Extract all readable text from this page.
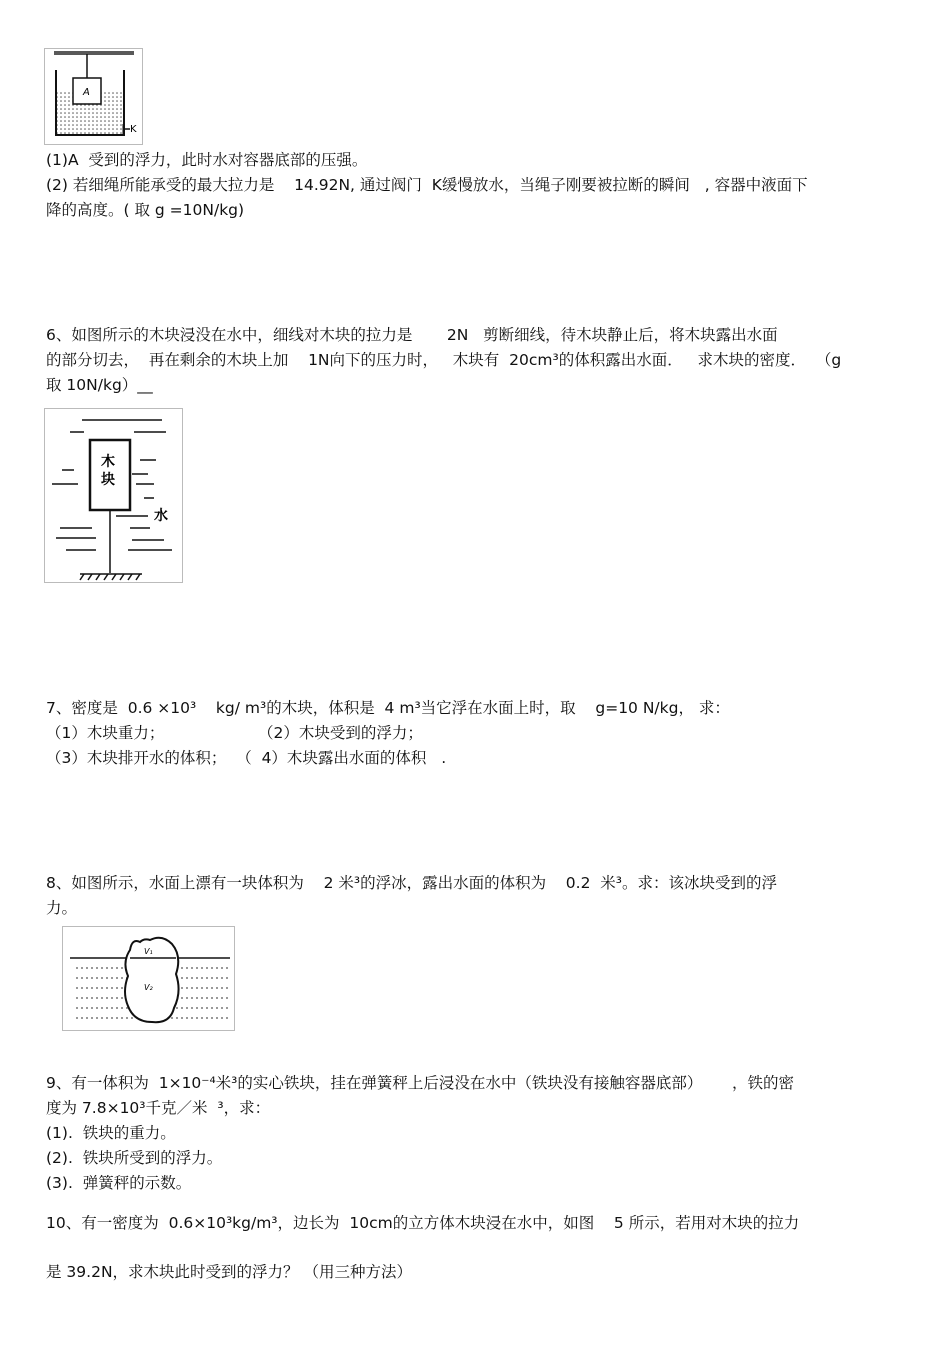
A
K
(1)A  受到的浮力，此时水对容器底部的压强。
(2) 若细绳所能承受的最大拉力是    14.92N, 通过阀门  K缓慢放水，当绳子刚要被拉断的瞬间   , 容器中液面下
降的高度。( 取 g =10N/kg)
6、如图所示的木块浸没在水中，细线对木块的拉力是       2N   剪断细线，待木块静止后，将木块露出水面
的部分切去，  再在剩余的木块上加    1N向下的压力时，   木块有  20cm³的体积露出水面．   求木块的密度．  （g
取 10N/kg）__
木
块
水
7、密度是  0.6 ×10³    kg/ m³的木块，体积是  4 m³当它浮在水面上时，取    g=10 N/kg， 求：
（1）木块重力；                   （2）木块受到的浮力；
（3）木块排开水的体积；  （  4）木块露出水面的体积   .
8、如图所示，水面上漂有一块体积为    2 米³的浮冰，露出水面的体积为    0.2  米³。求：该冰块受到的浮
力。
V₁
V₂
9、有一体积为  1×10⁻⁴米³的实心铁块，挂在弹簧秤上后浸没在水中（铁块没有接触容器底部）      ，铁的密
度为 7.8×10³千克／米  ³，求：
(1).  铁块的重力。
(2).  铁块所受到的浮力。
(3).  弹簧秤的示数。
10、有一密度为  0.6×10³kg/m³，边长为  10cm的立方体木块浸在水中，如图    5 所示，若用对木块的拉力
是 39.2N，求木块此时受到的浮力？ （用三种方法）
